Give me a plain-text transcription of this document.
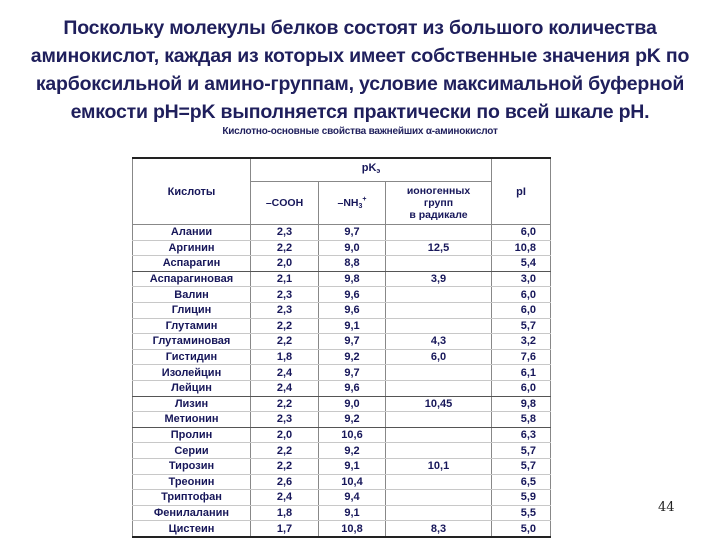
Поскольку молекулы белков состоят из большого количества
аминокислот, каждая из которых имеет собственные значения pK по
карбоксильной и амино-группам, условие максимальной буферной
емкости pH=pK выполняется практически по всей шкале pH.
Кислотно-основные свойства важнейших α-аминокислот
Кислоты	pKэ			pI
	–COOH	–NH3+	ионогенных
групп
в радикале	

Алании	2,3	9,7		6,0
Аргинин	2,2	9,0	12,5	10,8
Аспарагин	2,0	8,8		5,4
Аспарагиновая	2,1	9,8	3,9	3,0
Валин	2,3	9,6		6,0
Глицин	2,3	9,6		6,0
Глутамин	2,2	9,1		5,7
Глутаминовая	2,2	9,7	4,3	3,2
Гистидин	1,8	9,2	6,0	7,6
Изолейцин	2,4	9,7		6,1
Лейцин	2,4	9,6		6,0
Лизин	2,2	9,0	10,45	9,8
Метионин	2,3	9,2		5,8
Пролин	2,0	10,6		6,3
Серии	2,2	9,2		5,7
Тирозин	2,2	9,1	10,1	5,7
Треонин	2,6	10,4		6,5
Триптофан	2,4	9,4		5,9
Фенилаланин	1,8	9,1		5,5
Цистеин	1,7	10,8	8,3	5,0
44
